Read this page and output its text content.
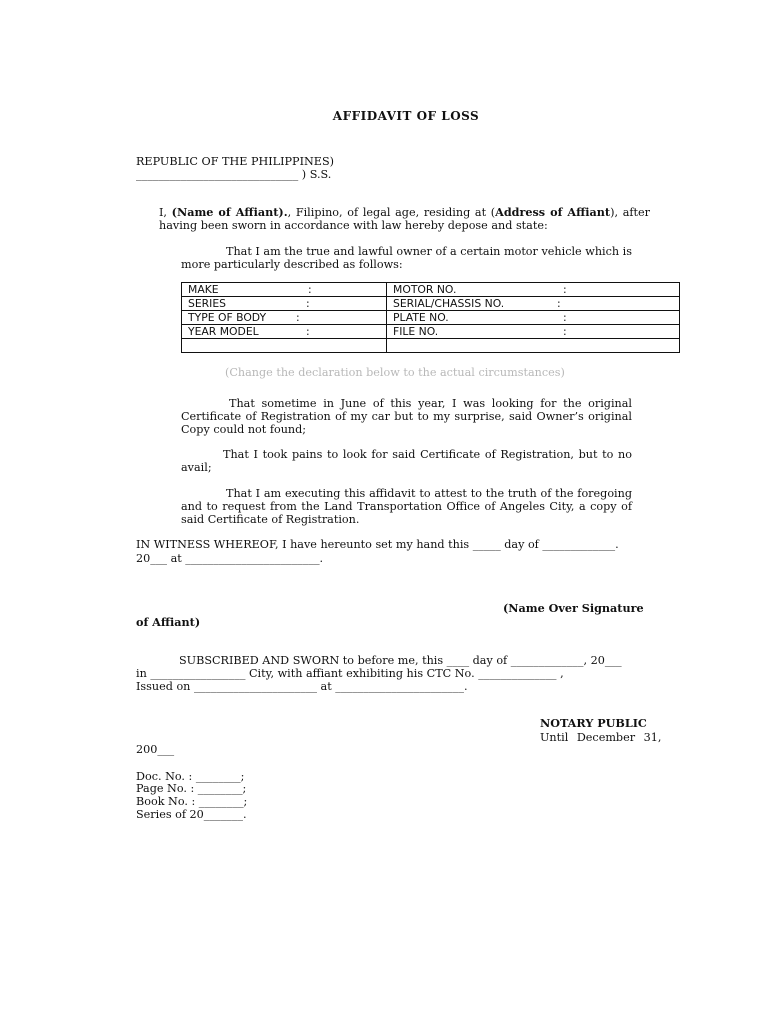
AFFIDAVIT OF LOSS
REPUBLIC OF THE PHILIPPINES)
_____________________________ ) S.S.
I, (Name of Affiant)., Filipino, of legal age, residing at (Address of Affiant), after having been sworn in accordance with law hereby depose and state:
That I am the true and lawful owner of a certain motor vehicle which is more particularly described as follows:
MAKE :	MOTOR NO. :

SERIES :	SERIAL/CHASSIS NO. :

TYPE OF BODY :	PLATE NO. :

YEAR MODEL :	FILE NO. :

(Change the declaration below to the actual circumstances)
That sometime in June of this year, I was looking for the original Certificate of Registration of my car but to my surprise, said Owner’s original Copy could not found;
That I took pains to look for said Certificate of Registration, but to no avail;
That I am executing this affidavit to attest to the truth of the foregoing and to request from the Land Transportation Office of Angeles City, a copy of said Certificate of Registration.
IN WITNESS WHEREOF, I have hereunto set my hand this _____ day of _____________.
20___ at ________________________.
(Name Over Signature
of Affiant)
SUBSCRIBED AND SWORN to before me, this ____ day of _____________, 20___
in _________________ City, with affiant exhibiting his CTC No. ______________ ,
Issued on ______________________ at _______________________.
NOTARY PUBLIC
Until December 31,
200___
Doc. No. : ________;
Page No. : ________;
Book No. : ________;
Series of 20_______.
